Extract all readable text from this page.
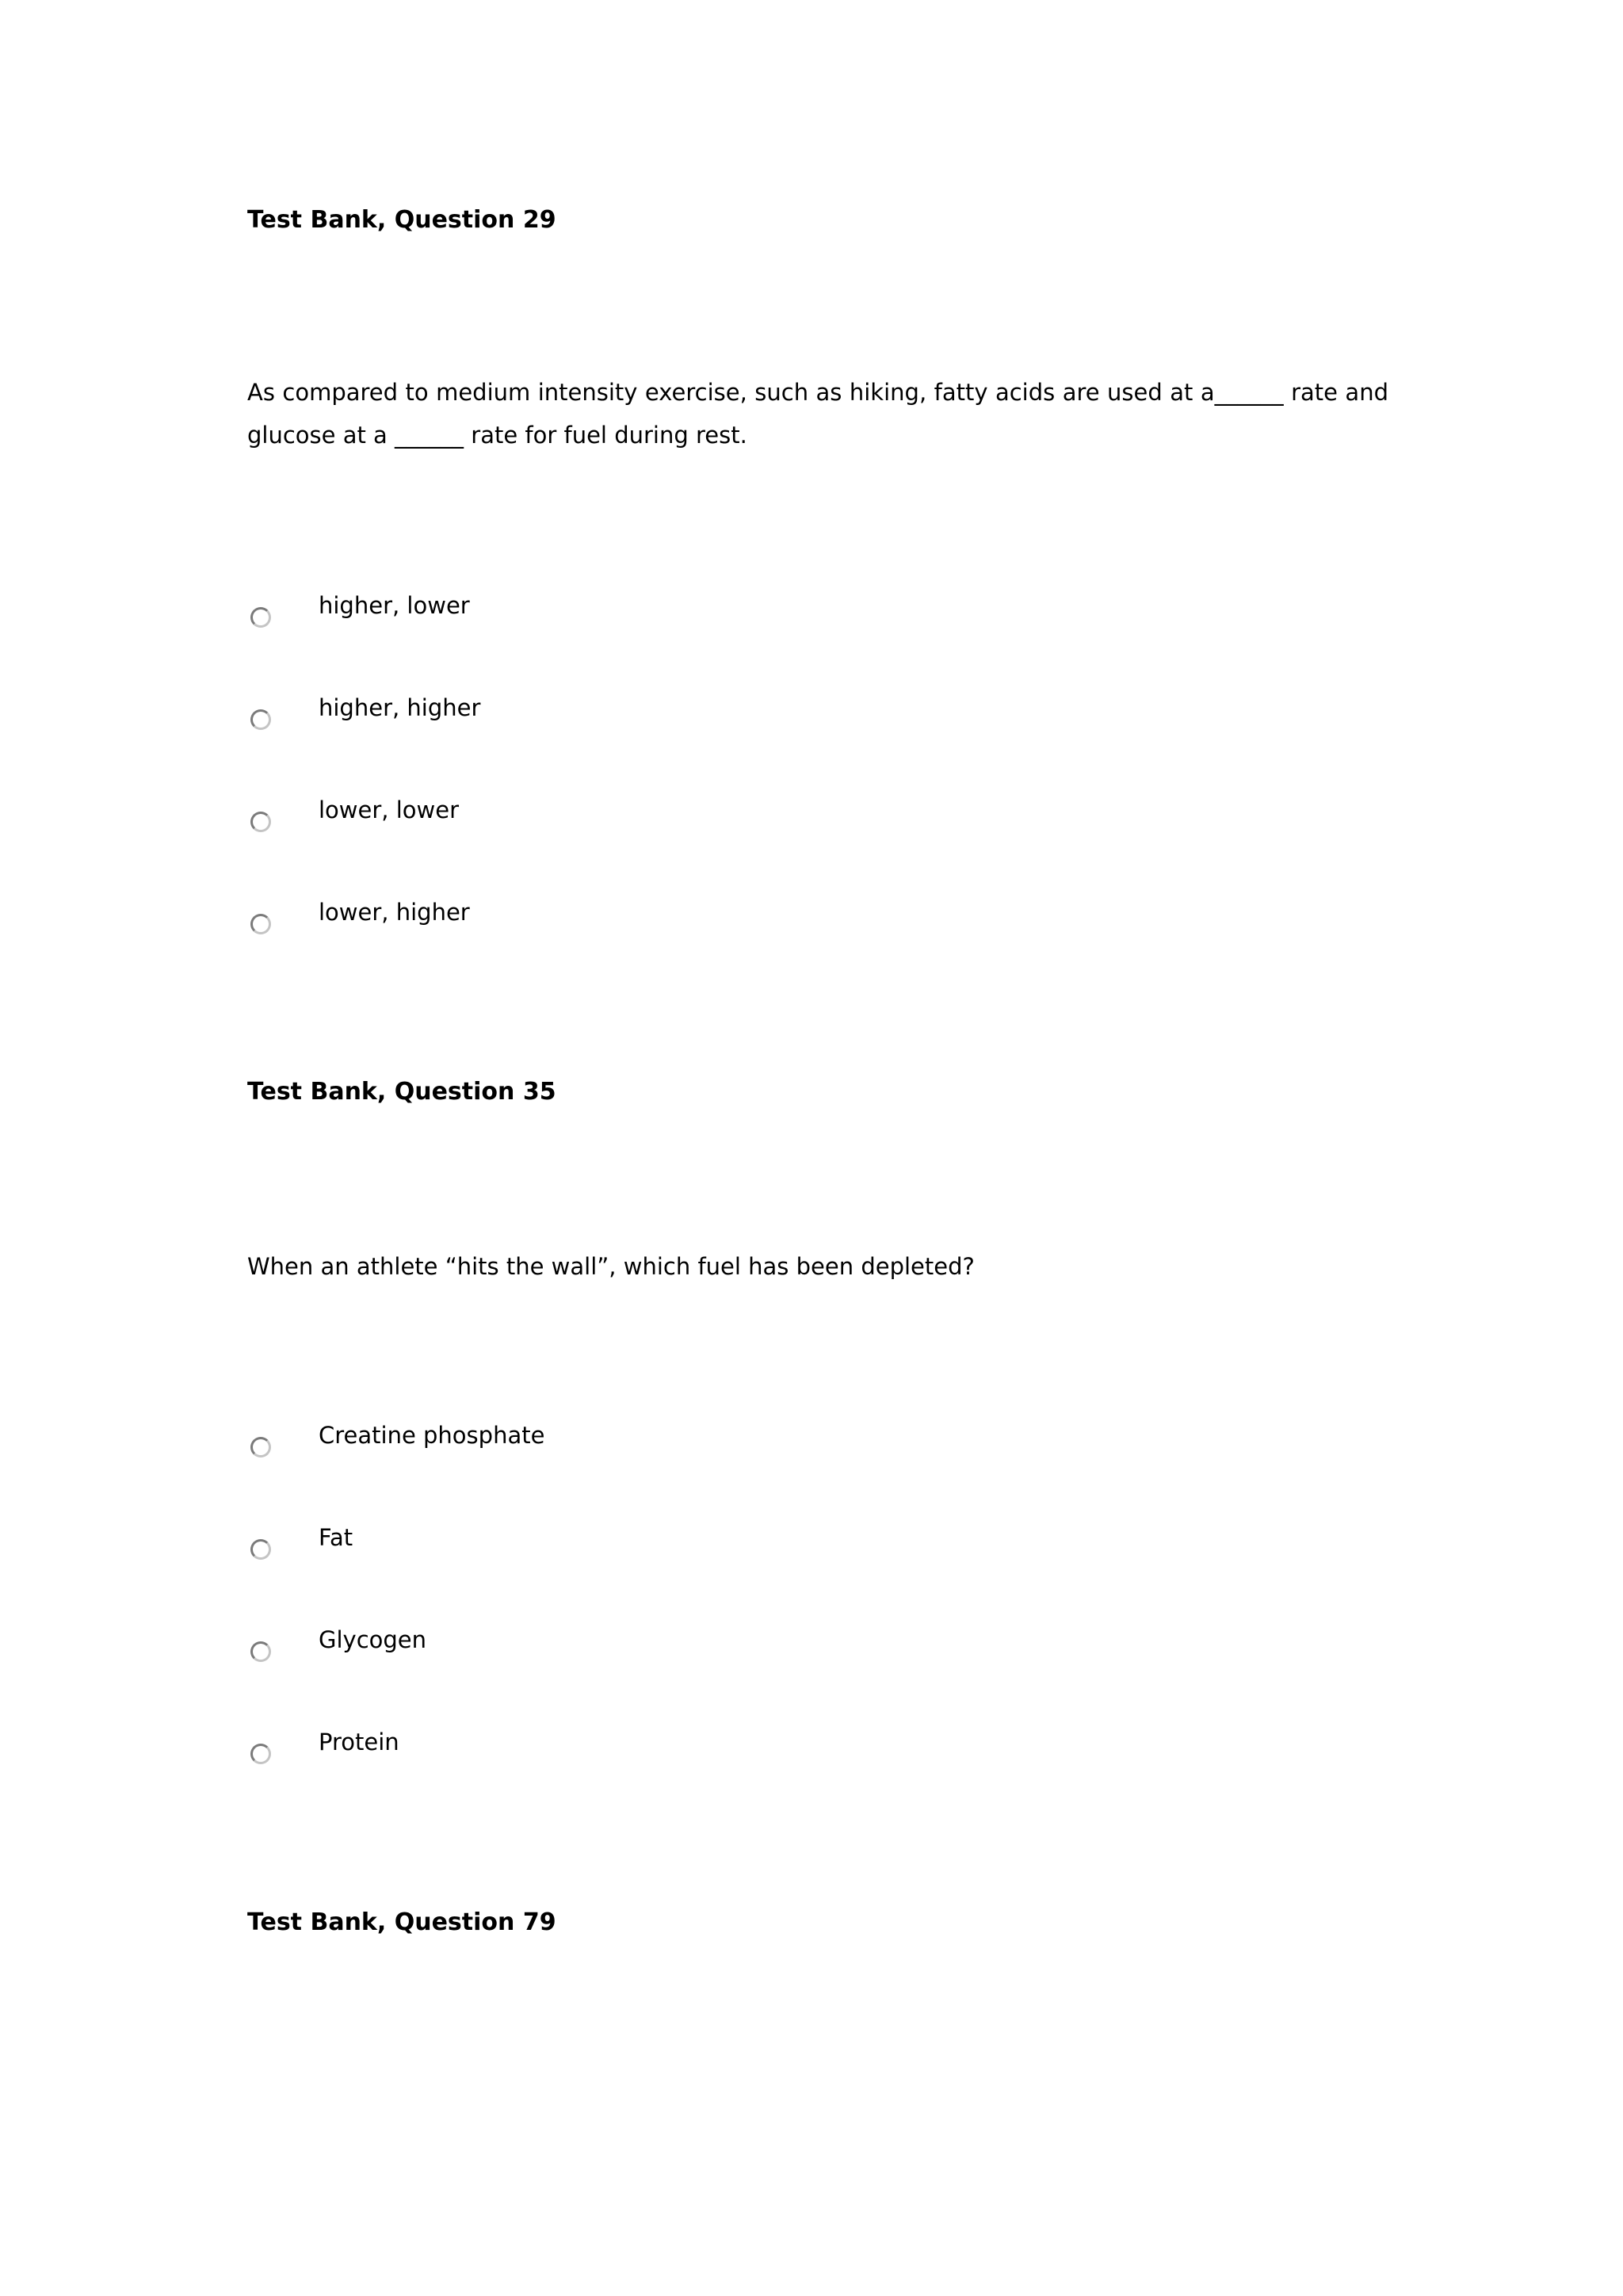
Test Bank, Question 29
As compared to medium intensity exercise, such as hiking, fatty acids are used at a______ rate and glucose at a ______ rate for fuel during rest.
higher, lower
higher, higher
lower, lower
lower, higher
Test Bank, Question 35
When an athlete “hits the wall”, which fuel has been depleted?
Creatine phosphate
Fat
Glycogen
Protein
Test Bank, Question 79
